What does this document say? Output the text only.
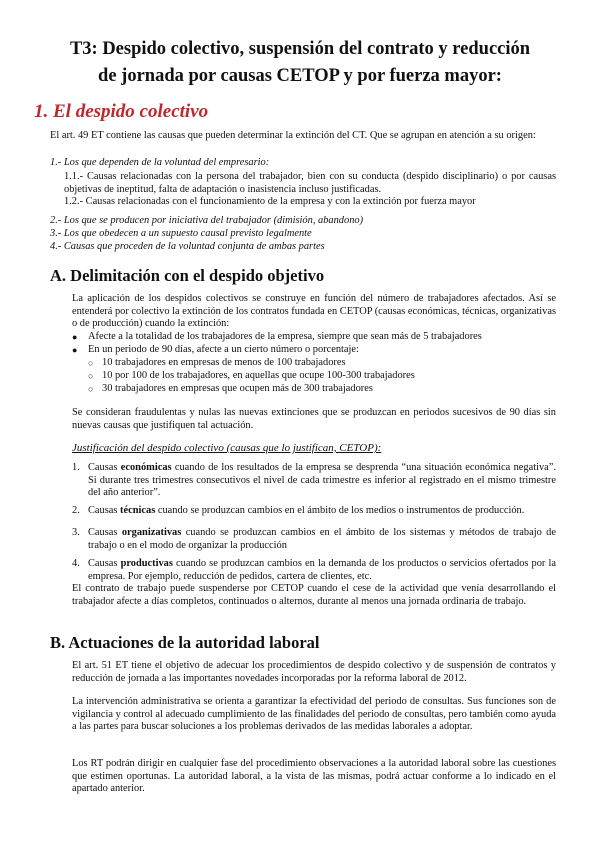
T3: Despido colectivo, suspensión del contrato y reducción
de jornada por causas CETOP y por fuerza mayor:
1. El despido colectivo
El art. 49 ET contiene las causas que pueden determinar la extinción del CT. Que se agrupan en atención a su origen:
1.- Los que dependen de la voluntad del empresario:
1.1.- Causas relacionadas con la persona del trabajador, bien con su conducta (despido disciplinario) o por causas objetivas de ineptitud, falta de adaptación o inasistencia incluso justificadas.
1.2.- Causas relacionadas con el funcionamiento de la empresa y con la extinción por fuerza mayor
2.- Los que se producen por iniciativa del trabajador (dimisión, abandono)
3.- Los que obedecen a un supuesto causal previsto legalmente
4.- Causas que proceden de la voluntad conjunta de ambas partes
A. Delimitación con el despido objetivo
La aplicación de los despidos colectivos se construye en función del número de trabajadores afectados. Así se entenderá por colectivo la extinción de los contratos fundada en CETOP (causas económicas, técnicas, organizativas o de producción) cuando la extinción:
● Afecte a la totalidad de los trabajadores de la empresa, siempre que sean más de 5 trabajadores
● En un periodo de 90 días, afecte a un cierto número o porcentaje:
○ 10 trabajadores en empresas de menos de 100 trabajadores
○ 10 por 100 de los trabajadores, en aquellas que ocupe 100-300 trabajadores
○ 30 trabajadores en empresas que ocupen más de 300 trabajadores
Se consideran fraudulentas y nulas las nuevas extinciones que se produzcan en periodos sucesivos de 90 días sin nuevas causas que justifiquen tal actuación.
Justificación del despido colectivo (causas que lo justifican, CETOP):
1. Causas económicas cuando de los resultados de la empresa se desprenda “una situación económica negativa”. Si durante tres trimestres consecutivos el nivel de cada trimestre es inferior al registrado en el mismo trimestre del año anterior”.
2. Causas técnicas cuando se produzcan cambios en el ámbito de los medios o instrumentos de producción.
3. Causas organizativas cuando se produzcan cambios en el ámbito de los sistemas y métodos de trabajo de trabajo o en el modo de organizar la producción
4. Causas productivas cuando se produzcan cambios en la demanda de los productos o servicios ofertados por la empresa. Por ejemplo, reducción de pedidos, cartera de clientes, etc.
El contrato de trabajo puede suspenderse por CETOP cuando el cese de la actividad que venía desarrollando el trabajador afecte a días completos, continuados o alternos, durante al menos una jornada ordinaria de trabajo.
B. Actuaciones de la autoridad laboral
El art. 51 ET tiene el objetivo de adecuar los procedimientos de despido colectivo y de suspensión de contratos y reducción de jornada a las importantes novedades incorporadas por la reforma laboral de 2012.
La intervención administrativa se orienta a garantizar la efectividad del periodo de consultas. Sus funciones son de vigilancia y control al adecuado cumplimiento de las finalidades del periodo de consultas, pero también como ayuda a las partes para buscar soluciones a los problemas derivados de las medidas laborales a adoptar.
Los RT podrán dirigir en cualquier fase del procedimiento observaciones a la autoridad laboral sobre las cuestiones que estimen oportunas. La autoridad laboral, a la vista de las mismas, podrá actuar conforme a lo indicado en el apartado anterior.
